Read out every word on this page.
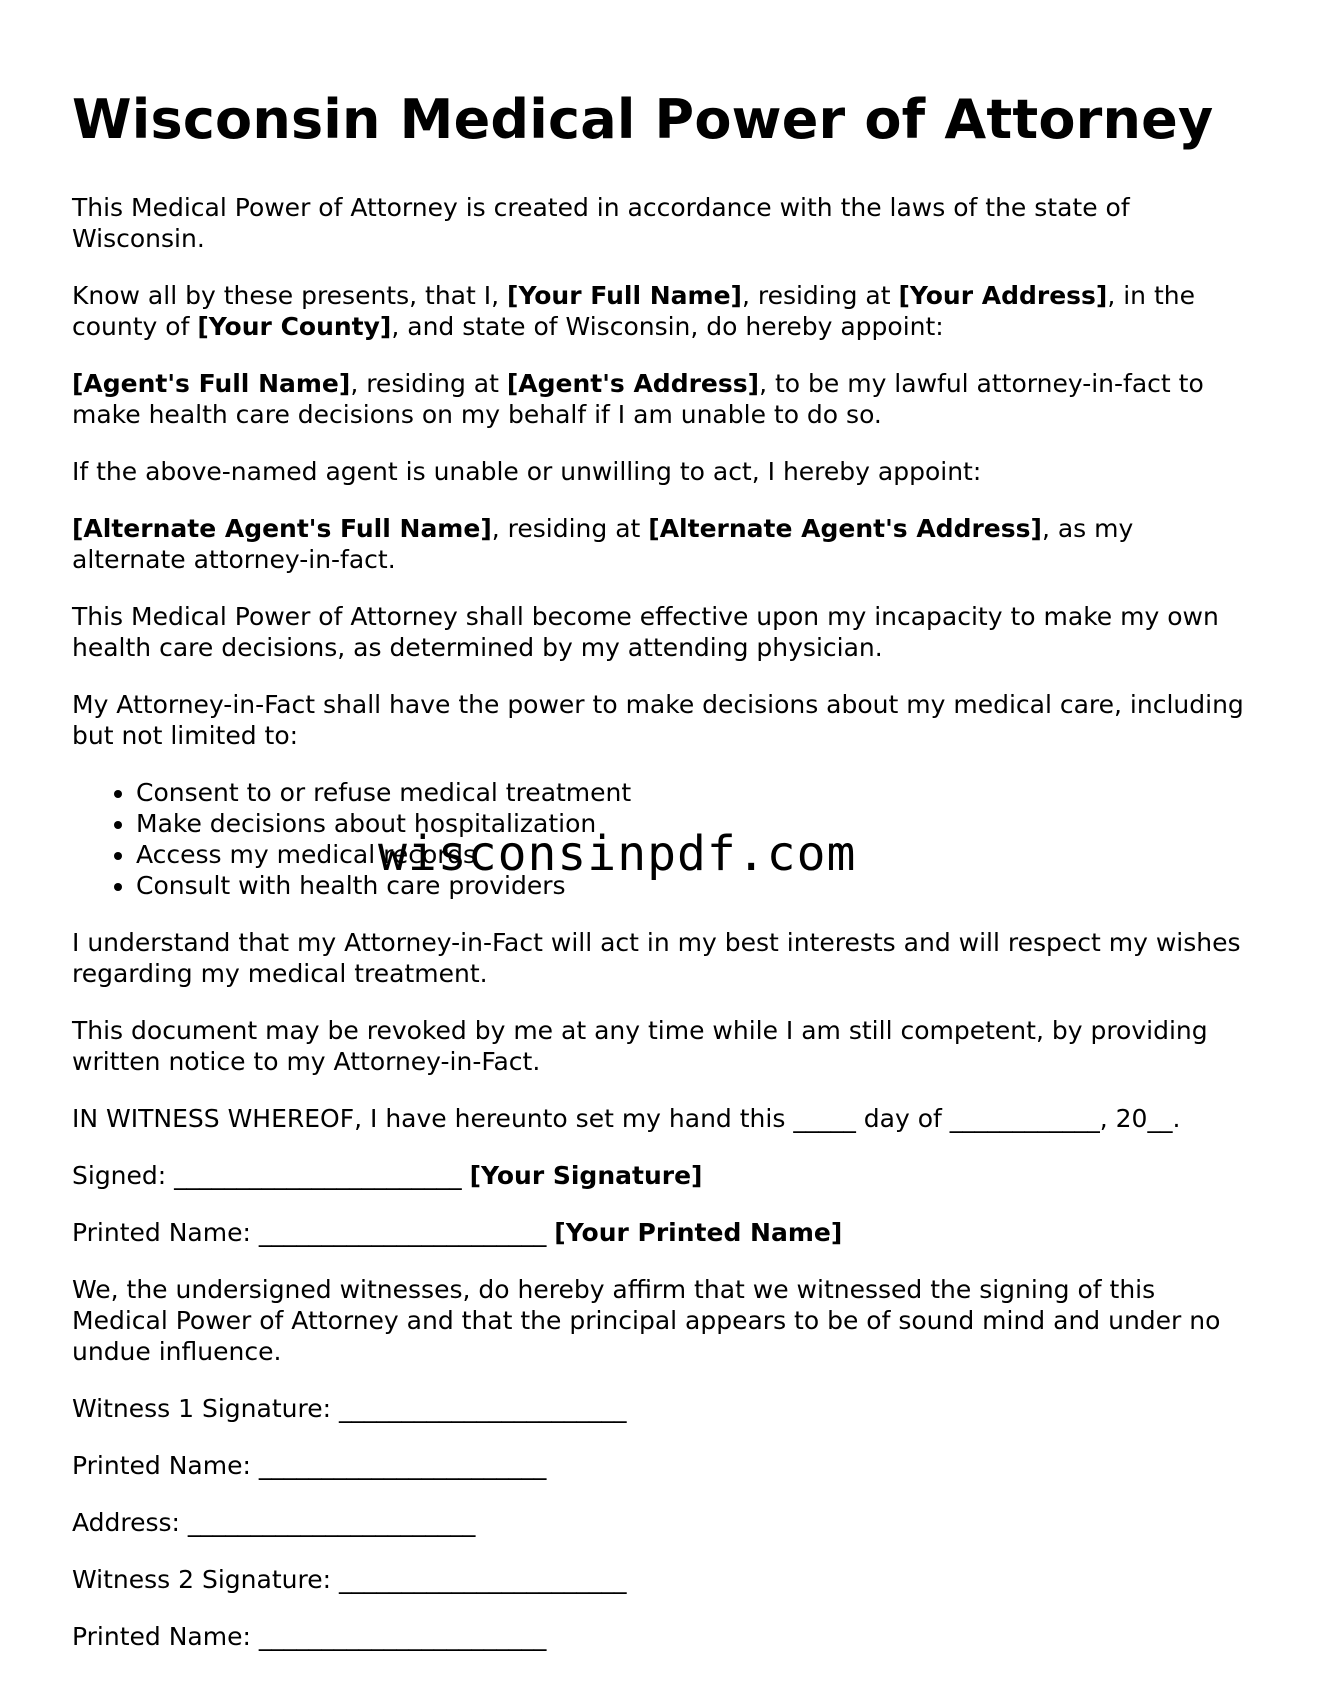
Wisconsin Medical Power of Attorney

This Medical Power of Attorney is created in accordance with the laws of the state of Wisconsin.

Know all by these presents, that I, [Your Full Name], residing at [Your Address], in the county of [Your County], and state of Wisconsin, do hereby appoint:

[Agent's Full Name], residing at [Agent's Address], to be my lawful attorney-in-fact to make health care decisions on my behalf if I am unable to do so.

If the above-named agent is unable or unwilling to act, I hereby appoint:

[Alternate Agent's Full Name], residing at [Alternate Agent's Address], as my alternate attorney-in-fact.

This Medical Power of Attorney shall become effective upon my incapacity to make my own health care decisions, as determined by my attending physician.

My Attorney-in-Fact shall have the power to make decisions about my medical care, including but not limited to:

• Consent to or refuse medical treatment
• Make decisions about hospitalization
• Access my medical records
• Consult with health care providers

I understand that my Attorney-in-Fact will act in my best interests and will respect my wishes regarding my medical treatment.

This document may be revoked by me at any time while I am still competent, by providing written notice to my Attorney-in-Fact.

IN WITNESS WHEREOF, I have hereunto set my hand this _____ day of ____________, 20__.

Signed: _______________________ [Your Signature]

Printed Name: _______________________ [Your Printed Name]

We, the undersigned witnesses, do hereby affirm that we witnessed the signing of this Medical Power of Attorney and that the principal appears to be of sound mind and under no undue influence.

Witness 1 Signature: _______________________

Printed Name: _______________________

Address: _______________________

Witness 2 Signature: _______________________

Printed Name: _______________________

wisconsinpdf.com
